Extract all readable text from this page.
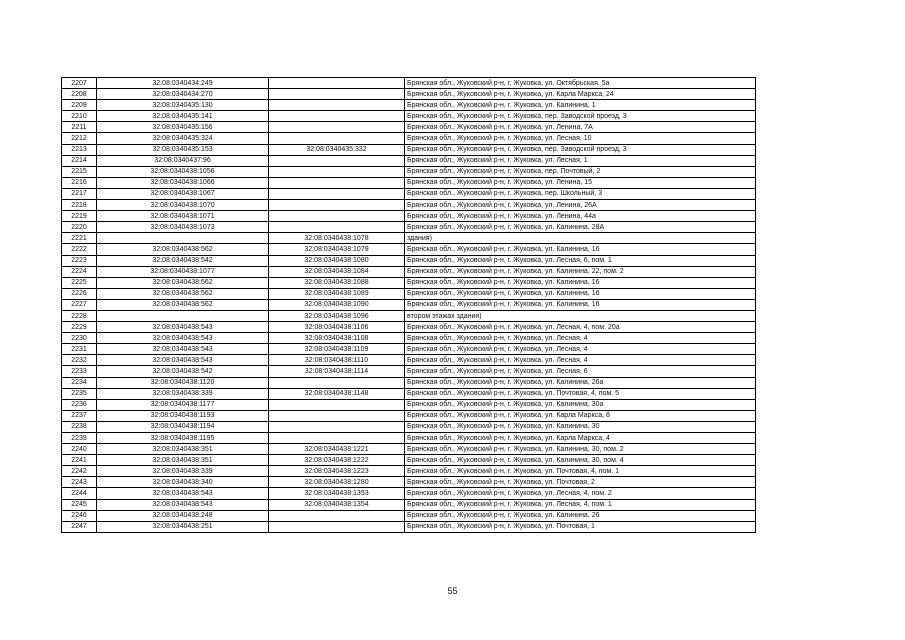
2207	32:08:0340434:249		Брянская обл., Жуковский р-н, г. Жуковка, ул. Октябрьская, 5а
2208	32:08:0340434:270		Брянская обл., Жуковский р-н, г. Жуковка, ул. Карла Маркса, 24
2209	32:08:0340435:130		Брянская обл., Жуковский р-н, г. Жуковка, ул. Калинина, 1
2210	32:08:0340435:141		Брянская обл., Жуковский р-н, г. Жуковка, пер. Заводской проезд, 3
2211	32:08:0340435:156		Брянская обл., Жуковский р-н, г. Жуковка, ул. Ленина, 7А
2212	32:08:0340435:324		Брянская обл., Жуковский р-н, г. Жуковка, ул. Лесная, 10
2213	32:08:0340435:153	32:08:0340435:332	Брянская обл., Жуковский р-н, г. Жуковка, пер. Заводской проезд, 3
2214	32:08:0340437:96		Брянская обл., Жуковский р-н, г. Жуковка, ул. Лесная, 1
2215	32:08:0340438:1056		Брянская обл., Жуковский р-н, г. Жуковка, пер. Почтовый, 2
2216	32:08:0340438:1066		Брянская обл., Жуковский р-н, г. Жуковка, ул. Ленина, 15
2217	32:08:0340438:1067		Брянская обл., Жуковский р-н, г. Жуковка, пер. Школьный, 3
2218	32:08:0340438:1070		Брянская обл., Жуковский р-н, г. Жуковка, ул. Ленина, 26А
2219	32:08:0340438:1071		Брянская обл., Жуковский р-н, г. Жуковка, ул. Ленина, 44а
2220	32:08:0340438:1073		Брянская обл., Жуковский р-н, г. Жуковка, ул. Калинина, 28А
2221		32:08:0340438:1078	здания)
2222	32:08:0340438:562	32:08:0340438:1079	Брянская обл., Жуковский р-н, г. Жуковка, ул. Калинина, 16
2223	32:08:0340438:542	32:08:0340438:1080	Брянская обл., Жуковский р-н, г. Жуковка, ул. Лесная, 6, пом. 1
2224	32:08:0340438:1077	32:08:0340438:1084	Брянская обл., Жуковский р-н, г. Жуковка, ул. Калинина, 22, пом. 2
2225	32:08:0340438:562	32:08:0340438:1088	Брянская обл., Жуковский р-н, г. Жуковка, ул. Калинина, 16
2226	32:08:0340438:562	32:08:0340438:1089	Брянская обл., Жуковский р-н, г. Жуковка, ул. Калинина, 16
2227	32:08:0340438:562	32:08:0340438:1090	Брянская обл., Жуковский р-н, г. Жуковка, ул. Калинина, 16
2228		32:08:0340438:1096	втором этажах здания)
2229	32:08:0340438:543	32:08:0340438:1106	Брянская обл., Жуковский р-н, г. Жуковка, ул. Лесная, 4, пом. 20а
2230	32:08:0340438:543	32:08:0340438:1108	Брянская обл., Жуковский р-н, г. Жуковка, ул. Лесная, 4
2231	32:08:0340438:543	32:08:0340438:1109	Брянская обл., Жуковский р-н, г. Жуковка, ул. Лесная, 4
2232	32:08:0340438:543	32:08:0340438:1110	Брянская обл., Жуковский р-н, г. Жуковка, ул. Лесная, 4
2233	32:08:0340438:542	32:08:0340438:1114	Брянская обл., Жуковский р-н, г. Жуковка, ул. Лесная, 6
2234	32:08:0340438:1120		Брянская обл., Жуковский р-н, г. Жуковка, ул. Калинина, 26а
2235	32:08:0340438:339	32:08:0340438:1148	Брянская обл., Жуковский р-н, г. Жуковка, ул. Почтовая, 4, пом. 5
2236	32:08:0340438:1177		Брянская обл., Жуковский р-н, г. Жуковка, ул. Калинина, 30а
2237	32:08:0340438:1193		Брянская обл., Жуковский р-н, г. Жуковка, ул. Карла Маркса, 8
2238	32:08:0340438:1194		Брянская обл., Жуковский р-н, г. Жуковка, ул. Калинина, 30
2239	32:08:0340438:1195		Брянская обл., Жуковский р-н, г. Жуковка, ул. Карла Маркса, 4
2240	32:08:0340438:351	32:08:0340438:1221	Брянская обл., Жуковский р-н, г. Жуковка, ул. Калинина, 30, пом. 2
2241	32:08:0340438:351	32:08:0340438:1222	Брянская обл., Жуковский р-н, г. Жуковка, ул. Калинина, 30, пом. 4
2242	32:08:0340438:339	32:08:0340438:1223	Брянская обл., Жуковский р-н, г. Жуковка, ул. Почтовая, 4, пом. 1
2243	32:08:0340438:340	32:08:0340438:1280	Брянская обл., Жуковский р-н, г. Жуковка, ул. Почтовая, 2
2244	32:08:0340438:543	32:08:0340438:1353	Брянская обл., Жуковский р-н, г. Жуковка, ул. Лесная, 4, пом. 2
2245	32:08:0340438:543	32:08:0340438:1354	Брянская обл., Жуковский р-н, г. Жуковка, ул. Лесная, 4, пом. 1
2246	32:08:0340438:248		Брянская обл., Жуковский р-н, г. Жуковка, ул. Калинина, 26
2247	32:08:0340438:251		Брянская обл., Жуковский р-н, г. Жуковка, ул. Почтовая, 1
55
